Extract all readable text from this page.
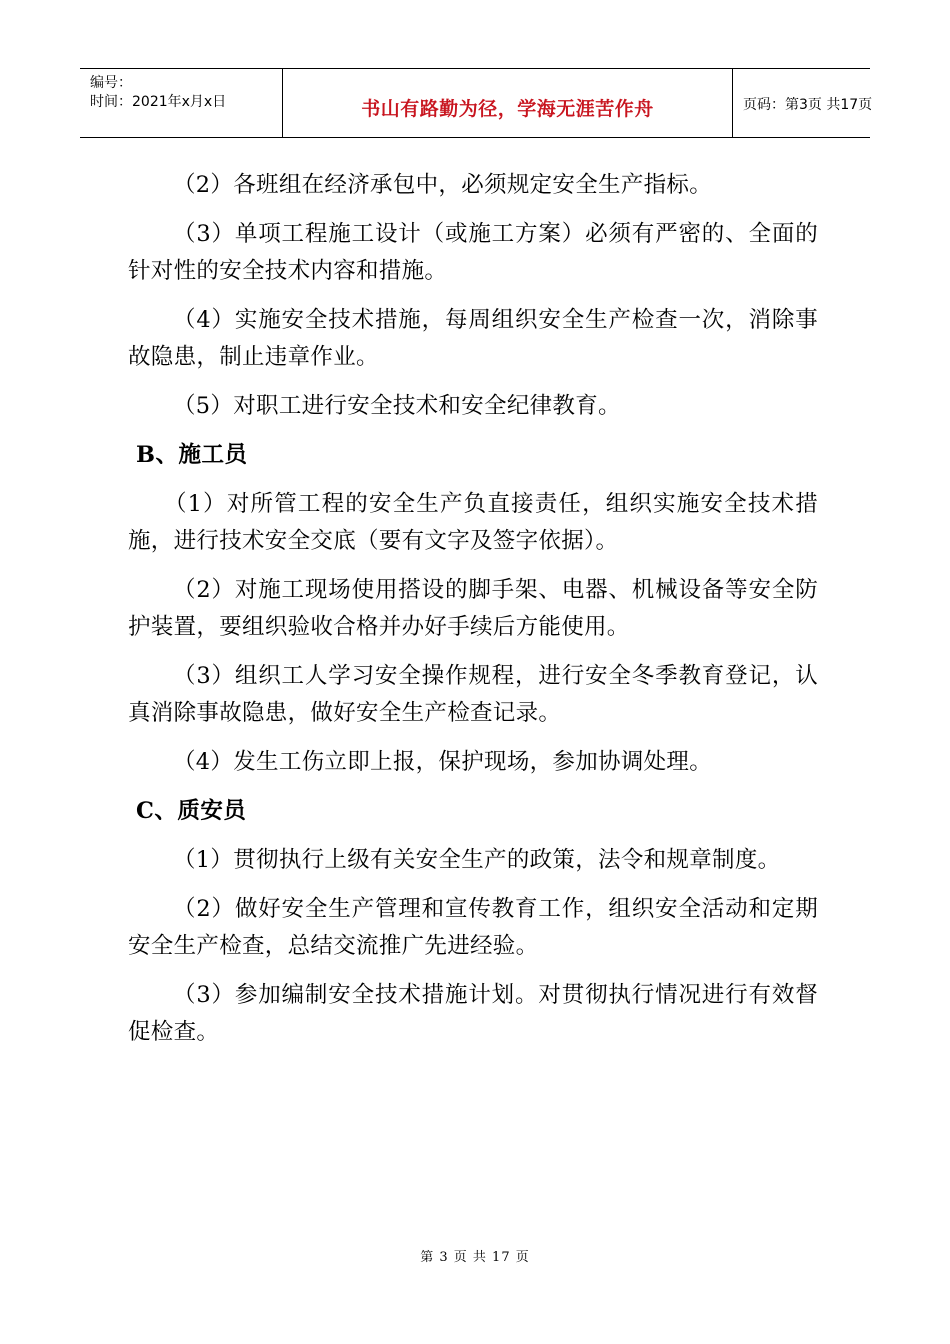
编号：
时间：2021年x月x日	书山有路勤为径，学海无涯苦作舟	页码：第3页 共17页

（2）各班组在经济承包中，必须规定安全生产指标。

（3）单项工程施工设计（或施工方案）必须有严密的、全面的针对性的安全技术内容和措施。

（4）实施安全技术措施，每周组织安全生产检查一次，消除事故隐患，制止违章作业。

（5）对职工进行安全技术和安全纪律教育。

B、施工员

（1）对所管工程的安全生产负直接责任，组织实施安全技术措施，进行技术安全交底（要有文字及签字依据）。

（2）对施工现场使用搭设的脚手架、电器、机械设备等安全防护装置，要组织验收合格并办好手续后方能使用。

（3）组织工人学习安全操作规程，进行安全冬季教育登记，认真消除事故隐患，做好安全生产检查记录。

（4）发生工伤立即上报，保护现场，参加协调处理。

C、质安员

（1）贯彻执行上级有关安全生产的政策，法令和规章制度。

（2）做好安全生产管理和宣传教育工作，组织安全活动和定期安全生产检查，总结交流推广先进经验。

（3）参加编制安全技术措施计划。对贯彻执行情况进行有效督促检查。

第 3 页 共 17 页
